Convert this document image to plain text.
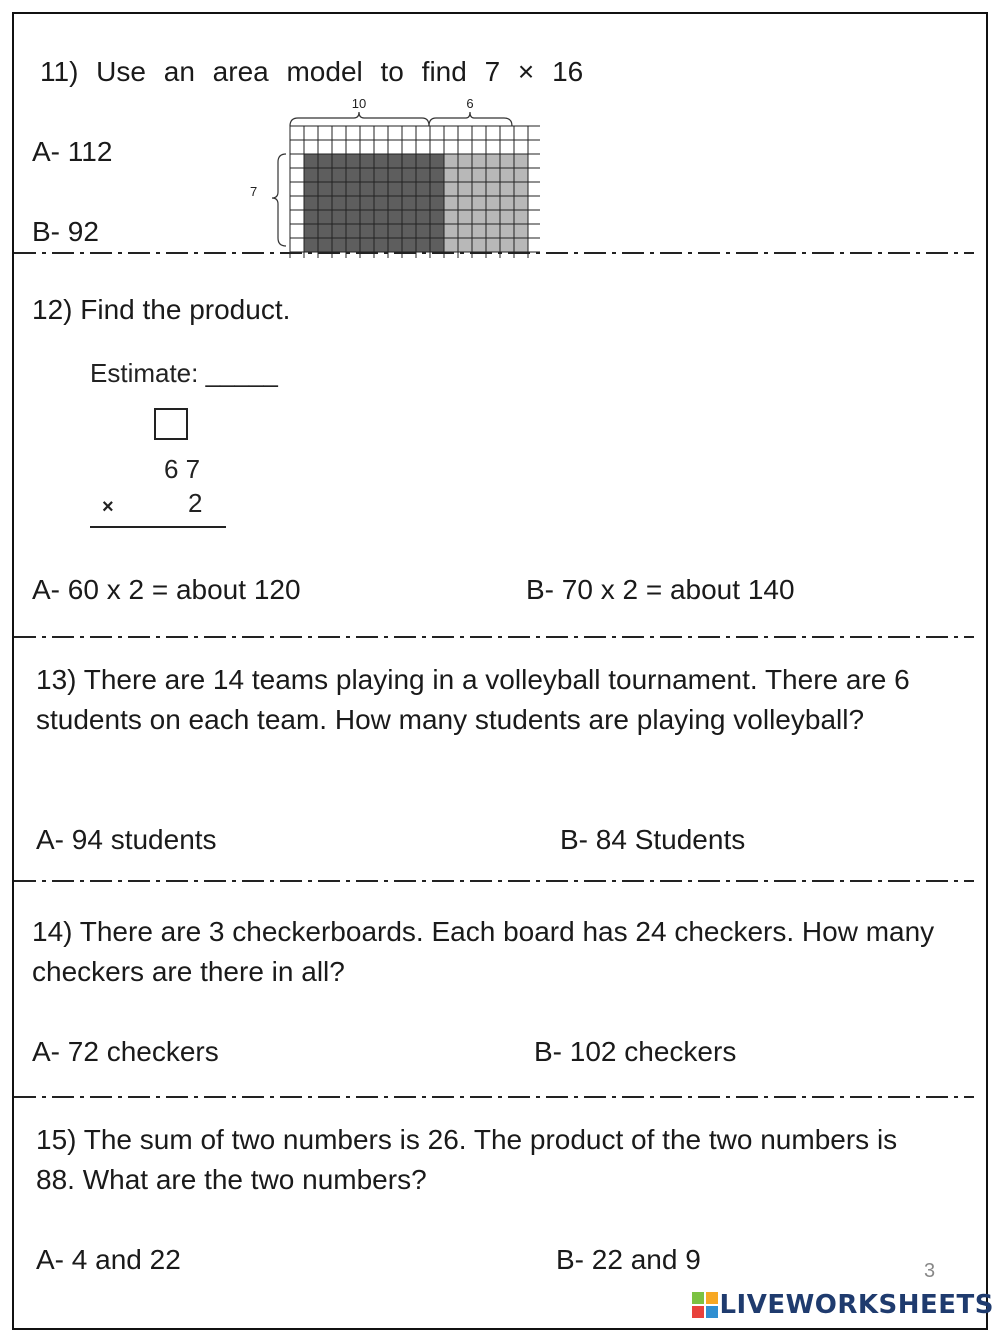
11) Use an area model to find 7 × 16
A- 112
B- 92
10	6
7
12) Find the product.
Estimate: _____
6 7
×	2
A- 60 x 2 = about 120	B- 70 x 2 = about 140
13) There are 14 teams playing in a volleyball tournament. There are 6 students on each team. How many students are playing volleyball?
A- 94 students	B- 84 Students
14) There are 3 checkerboards. Each board has 24 checkers. How many checkers are there in all?
A- 72 checkers	B- 102 checkers
15) The sum of two numbers is 26. The product of the two numbers is 88. What are the two numbers?
A- 4 and 22	B- 22 and 9	3
LIVEWORKSHEETS
